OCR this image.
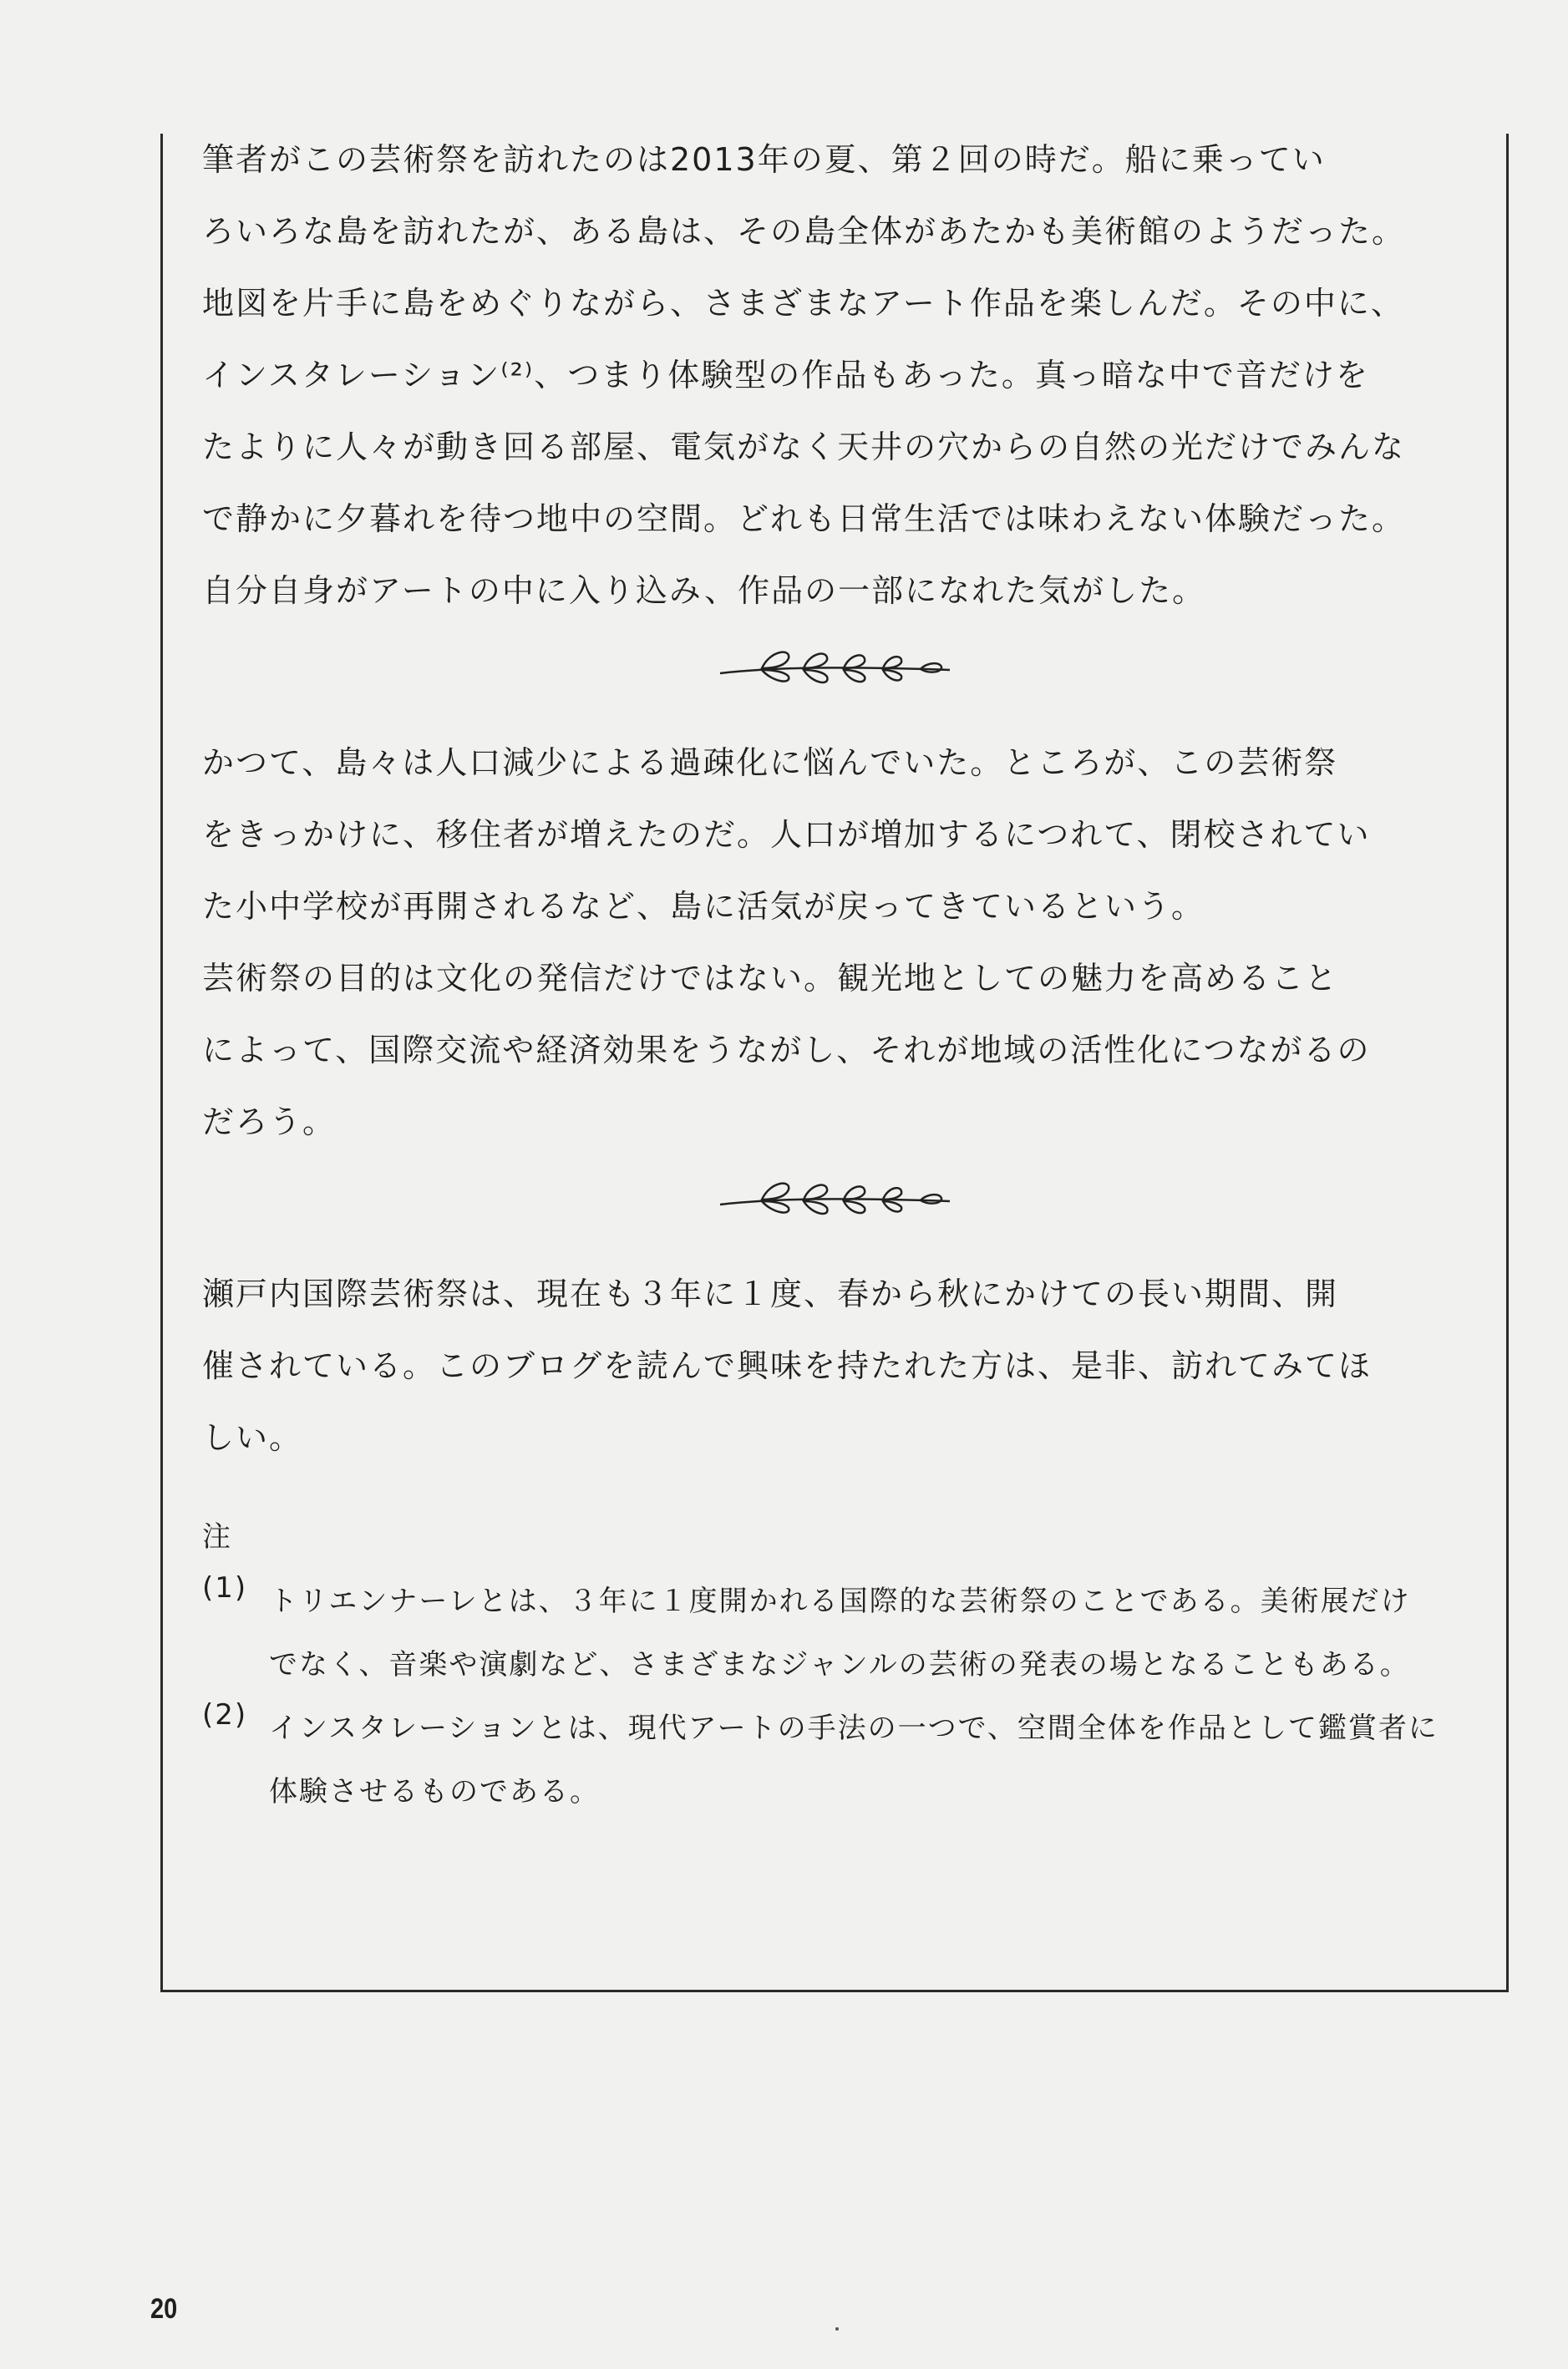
筆者がこの芸術祭を訪れたのは2013年の夏、第２回の時だ。船に乗ってい
ろいろな島を訪れたが、ある島は、その島全体があたかも美術館のようだった。
地図を片手に島をめぐりながら、さまざまなアート作品を楽しんだ。その中に、
インスタレーション⁽²⁾、つまり体験型の作品もあった。真っ暗な中で音だけを
たよりに人々が動き回る部屋、電気がなく天井の穴からの自然の光だけでみんな
で静かに夕暮れを待つ地中の空間。どれも日常生活では味わえない体験だった。
自分自身がアートの中に入り込み、作品の一部になれた気がした。
かつて、島々は人口減少による過疎化に悩んでいた。ところが、この芸術祭
をきっかけに、移住者が増えたのだ。人口が増加するにつれて、閉校されてい
た小中学校が再開されるなど、島に活気が戻ってきているという。
芸術祭の目的は文化の発信だけではない。観光地としての魅力を高めること
によって、国際交流や経済効果をうながし、それが地域の活性化につながるの
だろう。
瀬戸内国際芸術祭は、現在も３年に１度、春から秋にかけての長い期間、開
催されている。このブログを読んで興味を持たれた方は、是非、訪れてみてほ
しい。
注
(1) トリエンナーレとは、３年に１度開かれる国際的な芸術祭のことである。美術展だけ
でなく、音楽や演劇など、さまざまなジャンルの芸術の発表の場となることもある。
(2) インスタレーションとは、現代アートの手法の一つで、空間全体を作品として鑑賞者に
体験させるものである。
20
